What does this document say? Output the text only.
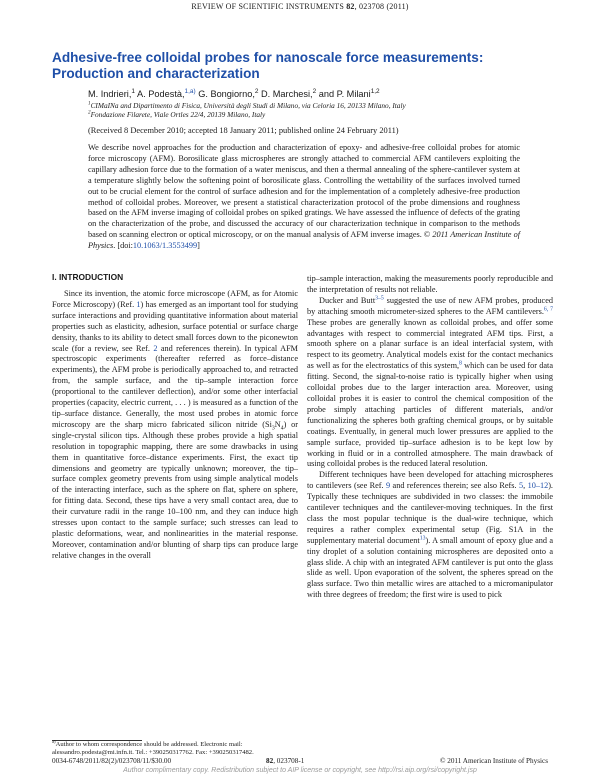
REVIEW OF SCIENTIFIC INSTRUMENTS 82, 023708 (2011)
Adhesive-free colloidal probes for nanoscale force measurements: Production and characterization
M. Indrieri,$^1$ A. Podestà,$^{1,a)}$ G. Bongiorno,$^2$ D. Marchesi,$^2$ and P. Milani$^{1,2}$
$^1$CIMaINa and Dipartimento di Fisica, Università degli Studi di Milano, via Celoria 16, 20133 Milano, Italy
$^2$Fondazione Filarete, Viale Ortles 22/4, 20139 Milano, Italy
(Received 8 December 2010; accepted 18 January 2011; published online 24 February 2011)
We describe novel approaches for the production and characterization of epoxy- and adhesive-free colloidal probes for atomic force microscopy (AFM). Borosilicate glass microspheres are strongly attached to commercial AFM cantilevers exploiting the capillary adhesion force due to the formation of a water meniscus, and then a thermal annealing of the sphere-cantilever system at a temperature slightly below the softening point of borosilicate glass. Controlling the wettability of the surfaces involved turned out to be crucial element for the control of surface adhesion and for the implementation of a completely adhesive-free production method of colloidal probes. Moreover, we present a statistical characterization protocol of the probe dimensions and roughness based on the AFM inverse imaging of colloidal probes on spiked gratings. We have assessed the influence of defects of the grating on the characterization of the probe, and discussed the accuracy of our characterization technique in comparison to the methods based on scanning electron or optical microscopy, or on the manual analysis of AFM inverse images. © 2011 American Institute of Physics. [doi:10.1063/1.3553499]
I. INTRODUCTION

Since its invention, the atomic force microscope (AFM, as for Atomic Force Microscopy) (Ref. 1) has emerged as an important tool for studying surface interactions and providing quantitative information about material properties such as elasticity, adhesion, surface potential or surface charge density, thanks to its ability to detect small forces down to the piconewton scale (for a review, see Ref. 2 and references therein). In typical AFM spectroscopic experiments (thereafter referred as force–distance experiments), the AFM probe is periodically approached to, and retracted from, the sample surface, and the tip–sample interaction force (proportional to the cantilever deflection), and/or some other interfacial properties (capacity, electric current, . . . ) is measured as a function of the tip–surface distance. Generally, the most used probes in atomic force microscopy are the sharp micro fabricated silicon nitride $(Si_3N_4)$ or single-crystal silicon tips. Although these probes provide a high spatial resolution in topographic mapping, there are some drawbacks in using them in quantitative force–distance experiments. First, the exact tip dimensions and geometry are typically unknown; moreover, the tip–surface complex geometry prevents from using simple analytical models of the interacting interface, such as the sphere on flat, sphere on sphere, for fitting data. Second, these tips have a very small contact area, due to their curvature radii in the range 10–100 nm, and they can induce high stresses upon contact to the sample surface; such stresses can lead to plastic deformations, wear, and nonlinearities in the material response. Moreover, contamination and/or blunting of sharp tips can produce large relative changes in the overall

tip–sample interaction, making the measurements poorly reproducible and the interpretation of results not reliable.

Ducker and Butt$^{3-5}$ suggested the use of new AFM probes, produced by attaching smooth micrometer-sized spheres to the AFM cantilevers.$^{6, 7}$ These probes are generally known as colloidal probes, and offer some advantages with respect to commercial integrated AFM tips. First, a smooth sphere on a planar surface is an ideal interfacial system, with respect to its geometry. Analytical models exist for the contact mechanics as well as for the electrostatics of this system,$^8$ which can be used for data fitting. Second, the signal-to-noise ratio is typically higher when using colloidal probes due to the larger interaction area. Moreover, using colloidal probes it is easier to control the chemical composition of the probe simply attaching particles of different materials, and/or functionalizing the spheres both grafting chemical groups, or by suitable coatings. Eventually, in general much lower pressures are applied to the sample surface, provided tip–surface adhesion is to be kept low by working in fluid or in a controlled atmosphere. The main drawback of using colloidal probes is the reduced lateral resolution.

Different techniques have been developed for attaching microspheres to cantilevers (see Ref. 9 and references therein; see also Refs. 5, 10–12). Typically these techniques are subdivided in two classes: the immobile cantilever techniques and the cantilever-moving techniques. In the first class the most popular technique is the dual-wire technique, which requires a rather complex experimental setup (Fig. S1A in the supplementary material document$^{13}$). A small amount of epoxy glue and a tiny droplet of a solution containing microspheres are deposited onto a glass slide. A chip with an integrated AFM cantilever is put onto the glass slide as well. Upon evaporation of the solvent, the spheres spread on the glass surface. Two thin metallic wires are attached to a micromanipulator with three degrees of freedom; the first wire is used to pick

$^{a)}$Author to whom correspondence should be addressed. Electronic mail: alessandro.podesta@mi.infn.it. Tel.: +390250317762. Fax: +390250317482.
0034-6748/2011/82(2)/023708/11/$30.00	82, 023708-1	© 2011 American Institute of Physics
Author complimentary copy. Redistribution subject to AIP license or copyright, see http://rsi.aip.org/rsi/copyright.jsp
